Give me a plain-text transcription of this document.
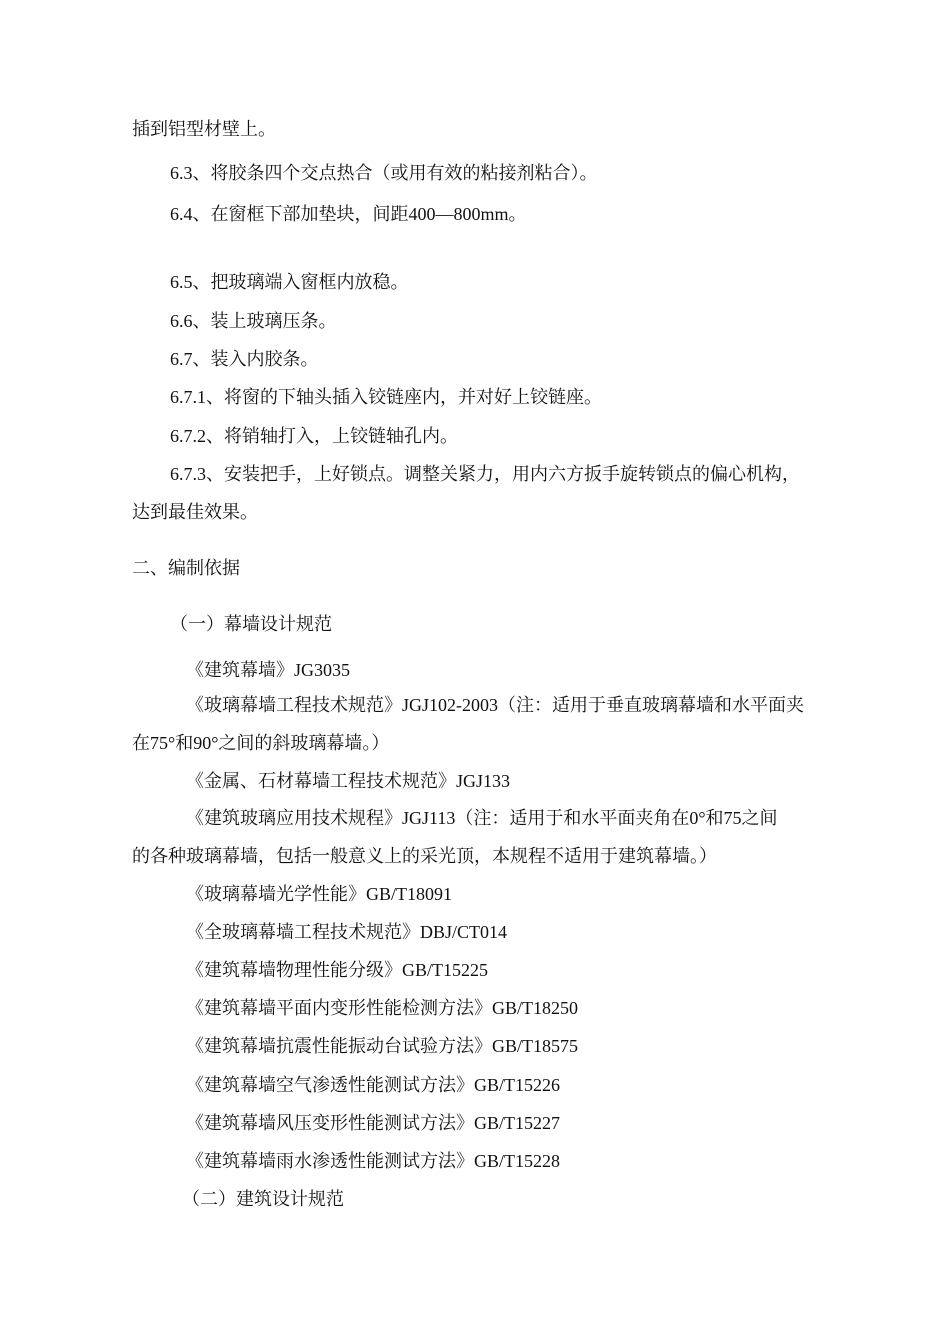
插到铝型材壁上。
6.3、将胶条四个交点热合（或用有效的粘接剂粘合）。
6.4、在窗框下部加垫块，间距400—800mm。
6.5、把玻璃端入窗框内放稳。
6.6、装上玻璃压条。
6.7、装入内胶条。
6.7.1、将窗的下轴头插入铰链座内，并对好上铰链座。
6.7.2、将销轴打入，上铰链轴孔内。
6.7.3、安装把手，上好锁点。调整关紧力，用内六方扳手旋转锁点的偏心机构，
达到最佳效果。
二、编制依据
（一）幕墙设计规范
《建筑幕墙》JG3035
《玻璃幕墙工程技术规范》JGJ102-2003（注：适用于垂直玻璃幕墙和水平面夹
在75°和90°之间的斜玻璃幕墙。）
《金属、石材幕墙工程技术规范》JGJ133
《建筑玻璃应用技术规程》JGJ113（注：适用于和水平面夹角在0°和75之间
的各种玻璃幕墙，包括一般意义上的采光顶，本规程不适用于建筑幕墙。）
《玻璃幕墙光学性能》GB/T18091
《全玻璃幕墙工程技术规范》DBJ/CT014
《建筑幕墙物理性能分级》GB/T15225
《建筑幕墙平面内变形性能检测方法》GB/T18250
《建筑幕墙抗震性能振动台试验方法》GB/T18575
《建筑幕墙空气渗透性能测试方法》GB/T15226
《建筑幕墙风压变形性能测试方法》GB/T15227
《建筑幕墙雨水渗透性能测试方法》GB/T15228
（二）建筑设计规范
